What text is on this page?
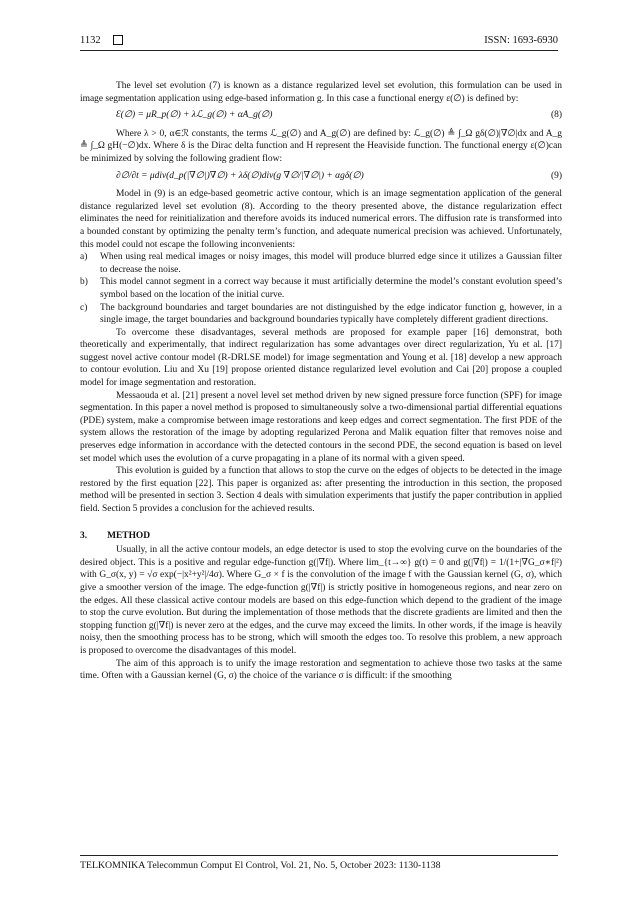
1132	ISSN: 1693-6930

The level set evolution (7) is known as a distance regularized level set evolution, this formulation can be used in image segmentation application using edge-based information g. In this case a functional energy ε(∅) is defined by:

Ɛ(∅) = μR_p(∅) + λℒ_g(∅) + αA_g(∅)	(8)

Where λ > 0, α∈ℛ constants, the terms ℒ_g(∅) and A_g(∅) are defined by: ℒ_g(∅) ≜ ∫_Ω gδ(∅)|∇∅|dx and A_g ≜ ∫_Ω gH(−∅)dx. Where δ is the Dirac delta function and H represent the Heaviside function. The functional energy ε(∅)can be minimized by solving the following gradient flow:

∂∅/∂t = μdiv(d_p(|∇∅|)∇∅) + λδ(∅)div(g ∇∅/|∇∅|) + αgδ(∅)	(9)

Model in (9) is an edge-based geometric active contour, which is an image segmentation application of the general distance regularized level set evolution (8). According to the theory presented above, the distance regularization effect eliminates the need for reinitialization and therefore avoids its induced numerical errors. The diffusion rate is transformed into a bounded constant by optimizing the penalty term’s function, and adequate numerical precision was achieved. Unfortunately, this model could not escape the following inconvenients:

a)	When using real medical images or noisy images, this model will produce blurred edge since it utilizes a Gaussian filter to decrease the noise.
b)	This model cannot segment in a correct way because it must artificially determine the model’s constant evolution speed’s symbol based on the location of the initial curve.
c)	The background boundaries and target boundaries are not distinguished by the edge indicator function g, however, in a single image, the target boundaries and background boundaries typically have completely different gradient directions.

To overcome these disadvantages, several methods are proposed for example paper [16] demonstrat, both theoretically and experimentally, that indirect regularization has some advantages over direct regularization, Yu et al. [17] suggest novel active contour model (R-DRLSE model) for image segmentation and Young et al. [18] develop a new approach to contour evolution. Liu and Xu [19] propose oriented distance regularized level evolution and Cai [20] propose a coupled model for image segmentation and restoration.

Messaouda et al. [21] present a novel level set method driven by new signed pressure force function (SPF) for image segmentation. In this paper a novel method is proposed to simultaneously solve a two-dimensional partial differential equations (PDE) system, make a compromise between image restorations and keep edges and correct segmentation. The first PDE of the system allows the restoration of the image by adopting regularized Perona and Malik equation filter that removes noise and preserves edge information in accordance with the detected contours in the second PDE, the second equation is based on level set model which uses the evolution of a curve propagating in a plane of its normal with a given speed.

This evolution is guided by a function that allows to stop the curve on the edges of objects to be detected in the image restored by the first equation [22]. This paper is organized as: after presenting the introduction in this section, the proposed method will be presented in section 3. Section 4 deals with simulation experiments that justify the paper contribution in applied field. Section 5 provides a conclusion for the achieved results.

3. METHOD

Usually, in all the active contour models, an edge detector is used to stop the evolving curve on the boundaries of the desired object. This is a positive and regular edge-function g(|∇f|). Where lim_{t→∞} g(t) = 0 and g(|∇f|) = 1/(1+|∇G_σ∗f|²) with G_σ(x, y) = √σ exp(−|x²+y²|/4σ). Where G_σ × f is the convolution of the image f with the Gaussian kernel (G, σ), which give a smoother version of the image. The edge-function g(|∇f|) is strictly positive in homogeneous regions, and near zero on the edges. All these classical active contour models are based on this edge-function which depend to the gradient of the image to stop the curve evolution. But during the implementation of those methods that the discrete gradients are limited and then the stopping function g(|∇f|) is never zero at the edges, and the curve may exceed the limits. In other words, if the image is heavily noisy, then the smoothing process has to be strong, which will smooth the edges too. To resolve this problem, a new approach is proposed to overcome the disadvantages of this model.

The aim of this approach is to unify the image restoration and segmentation to achieve those two tasks at the same time. Often with a Gaussian kernel (G, σ) the choice of the variance σ is difficult: if the smoothing

TELKOMNIKA Telecommun Comput El Control, Vol. 21, No. 5, October 2023: 1130-1138
